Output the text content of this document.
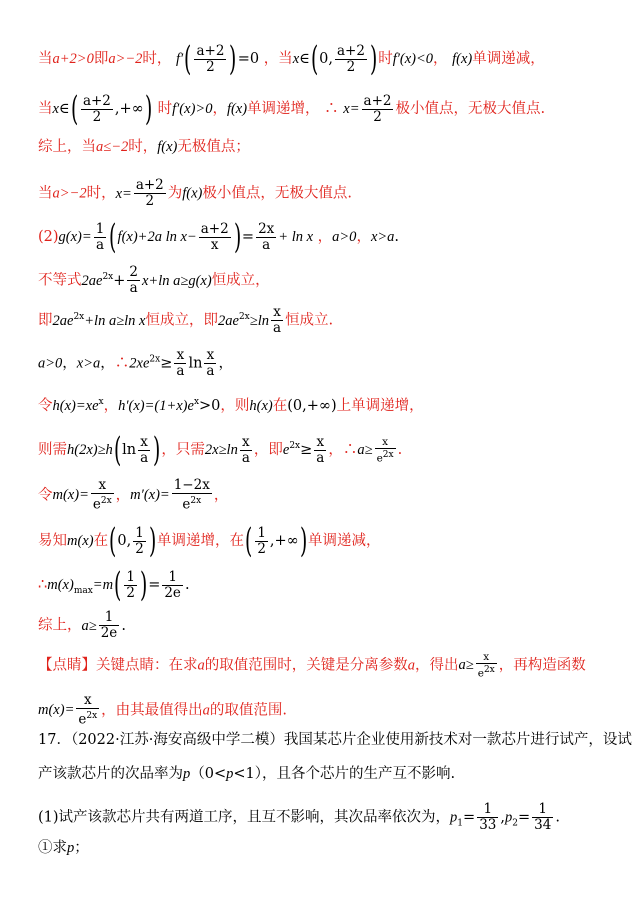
当a+2>0即a>−2时， $f'( \frac{a+2}{2} )=0$ ，当x∈(0, $\frac{a+2}{2}$ )时f′(x)<0， f(x)单调递减，
当x∈( $\frac{a+2}{2}$ ,+∞) 时f′(x)>0，f(x)单调递增， ∴ $x= \frac{a+2}{2}$ 极小值点，无极大值点.
综上，当a≤−2时，f(x)无极值点；
当a>−2时，$x= \frac{a+2}{2}$ 为f(x)极小值点，无极大值点.
$(2)g(x)= \frac{1}{a} (f(x)+2a$ $\ln x- \frac{a+2}{x}$ )= $\frac{2x}{a} + \ln x$ ，a>0，x>a.
不等式$2ae^{2x}+ \frac{2}{a} x+\ln$ a≥g(x)恒成立，
即$2ae^{2x}+\ln$ a≥ln x恒成立，即$2ae^{2x}\ge\ln \frac{x}{a}$ 恒成立.
a>0，x>a，$\therefore 2xe^{2x}\ge \frac{x}{a}$ $\ln \frac{x}{a}$ ，
令$h(x)=xe^x$，$h'(x)=(1+x)e^x>0$，则h(x)在(0,+∞)上单调递增，
则需$h(2x)\ge h(\ln \frac{x}{a}$ )，只需$2x\ge\ln \frac{x}{a}$ ，即$e^{2x}\ge \frac{x}{a}$ ，∴a≥ $\frac{x}{e^{2x}}$ .
令$m(x)= \frac{x}{e^{2x}}$ ，$m'(x)= \frac{1-2x}{e^{2x}}$ ，
易知m(x)在(0, $\frac{1}{2}$ )单调递增，在( $\frac{1}{2}$ ,+∞)单调递减，
$\therefore m(x)_{max}=m( \frac{1}{2}$ )= $\frac{1}{2e}$ .
综上，$a\ge \frac{1}{2e}$ .
【点睛】关键点睛：在求a的取值范围时，关键是分离参数a，得出$a\ge \frac{x}{e^{2x}}$ ，再构造函数
$m(x)= \frac{x}{e^{2x}}$ ，由其最值得出a的取值范围.
17．（2022·江苏·海安高级中学二模）我国某芯片企业使用新技术对一款芯片进行试产，设试
产该款芯片的次品率为p（0<p<1），且各个芯片的生产互不影响.
(1)试产该款芯片共有两道工序，且互不影响，其次品率依次为，$p_1= \frac{1}{33} ,p_2= \frac{1}{34}$ .
①求p；
